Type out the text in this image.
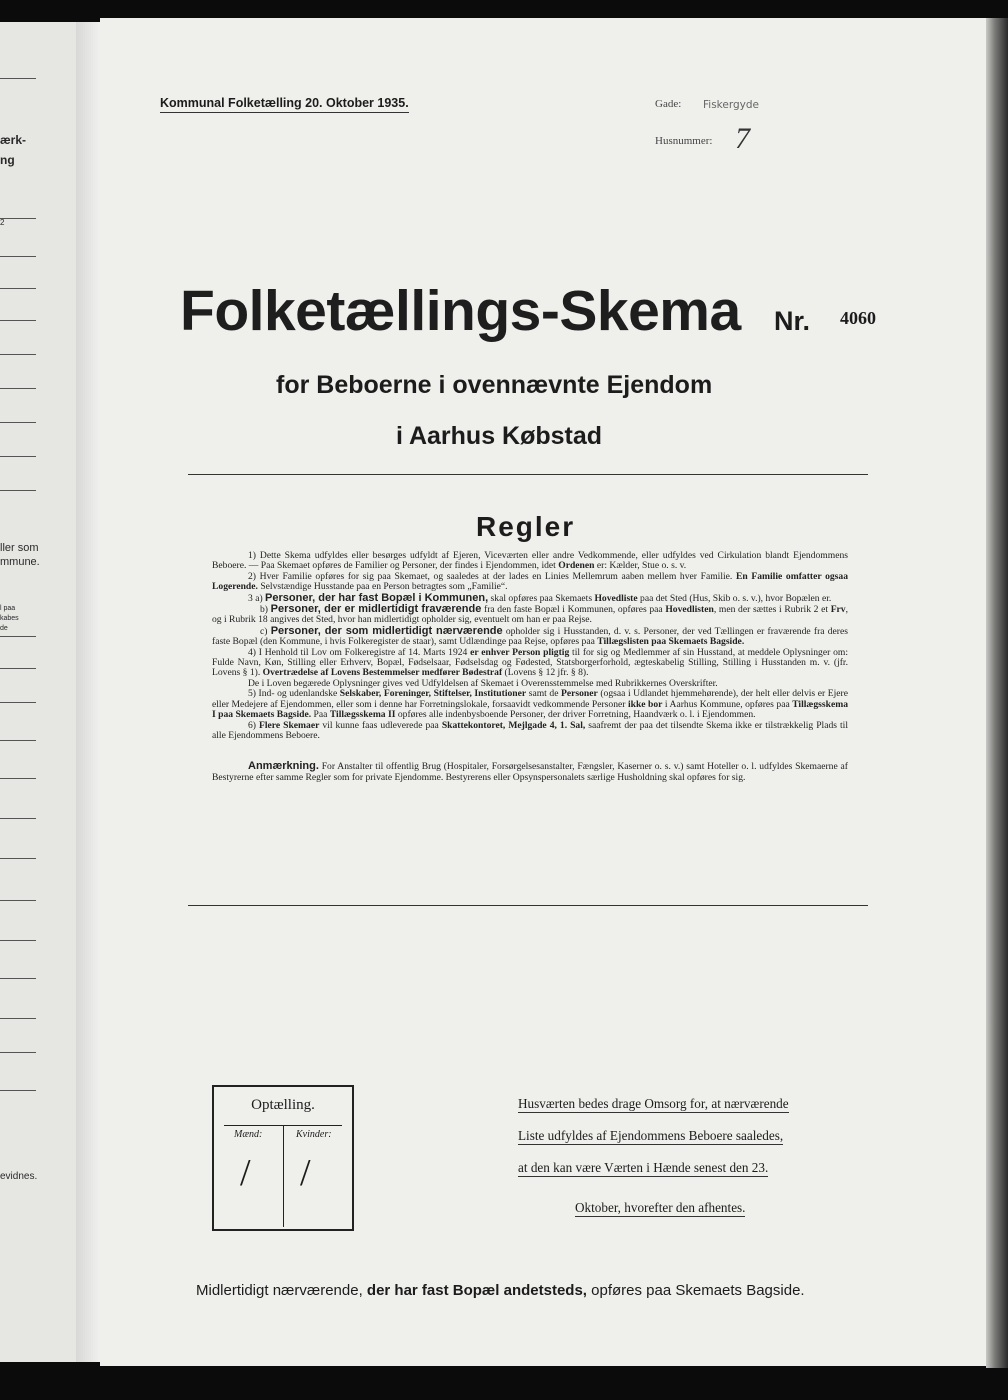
ærk-
ng
2
ller som
mmune.
l paa
kabes
de
evidnes.
Kommunal Folketælling 20. Oktober 1935.	Gade: Fiskergyde
Husnummer: 7
Folketællings-Skema Nr. 4060
for Beboerne i ovennævnte Ejendom
i Aarhus Købstad
Regler

1) Dette Skema udfyldes eller besørges udfyldt af Ejeren, Viceværten eller andre Vedkommende, eller udfyldes ved Cirkulation blandt Ejendommens Beboere. — Paa Skemaet opføres de Familier og Personer, der findes i Ejendommen, idet Ordenen er: Kælder, Stue o. s. v.

2) Hver Familie opføres for sig paa Skemaet, og saaledes at der lades en Linies Mellemrum aaben mellem hver Familie. En Familie omfatter ogsaa Logerende. Selvstændige Husstande paa en Person betragtes som „Familie“.

3 a) Personer, der har fast Bopæl i Kommunen, skal opføres paa Skemaets Hovedliste paa det Sted (Hus, Skib o. s. v.), hvor Bopælen er.

b) Personer, der er midlertidigt fraværende fra den faste Bopæl i Kommunen, opføres paa Hovedlisten, men der sættes i Rubrik 2 et Frv, og i Rubrik 18 angives det Sted, hvor han midlertidigt opholder sig, eventuelt om han er paa Rejse.

c) Personer, der som midlertidigt nærværende opholder sig i Husstanden, d. v. s. Personer, der ved Tællingen er fraværende fra deres faste Bopæl (den Kommune, i hvis Folkeregister de staar), samt Udlændinge paa Rejse, opføres paa Tillægslisten paa Skemaets Bagside.

4) I Henhold til Lov om Folkeregistre af 14. Marts 1924 er enhver Person pligtig til for sig og Medlemmer af sin Husstand, at meddele Oplysninger om: Fulde Navn, Køn, Stilling eller Erhverv, Bopæl, Fødselsaar, Fødselsdag og Fødested, Statsborgerforhold, ægteskabelig Stilling, Stilling i Husstanden m. v. (jfr. Lovens § 1). Overtrædelse af Lovens Bestemmelser medfører Bødestraf (Lovens § 12 jfr. § 8).

De i Loven begærede Oplysninger gives ved Udfyldelsen af Skemaet i Overensstemmelse med Rubrikkernes Overskrifter.

5) Ind- og udenlandske Selskaber, Foreninger, Stiftelser, Institutioner samt de Personer (ogsaa i Udlandet hjemmehørende), der helt eller delvis er Ejere eller Medejere af Ejendommen, eller som i denne har Forretningslokale, forsaavidt vedkommende Personer ikke bor i Aarhus Kommune, opføres paa Tillægsskema I paa Skemaets Bagside. Paa Tillægsskema II opføres alle indenbysboende Personer, der driver Forretning, Haandværk o. l. i Ejendommen.

6) Flere Skemaer vil kunne faas udleverede paa Skattekontoret, Mejlgade 4, 1. Sal, saafremt der paa det tilsendte Skema ikke er tilstrækkelig Plads til alle Ejendommens Beboere.

Anmærkning. For Anstalter til offentlig Brug (Hospitaler, Forsørgelsesanstalter, Fængsler, Kaserner o. s. v.) samt Hoteller o. l. udfyldes Skemaerne af Bestyrerne efter samme Regler som for private Ejendomme. Bestyrerens eller Opsynspersonalets særlige Husholdning skal opføres for sig.

Optælling.
Mænd:	Kvinder:
/ /
Husværten bedes drage Omsorg for, at nærværende
Liste udfyldes af Ejendommens Beboere saaledes,
at den kan være Værten i Hænde senest den 23.
Oktober, hvorefter den afhentes.
Midlertidigt nærværende, der har fast Bopæl andetsteds, opføres paa Skemaets Bagside.
